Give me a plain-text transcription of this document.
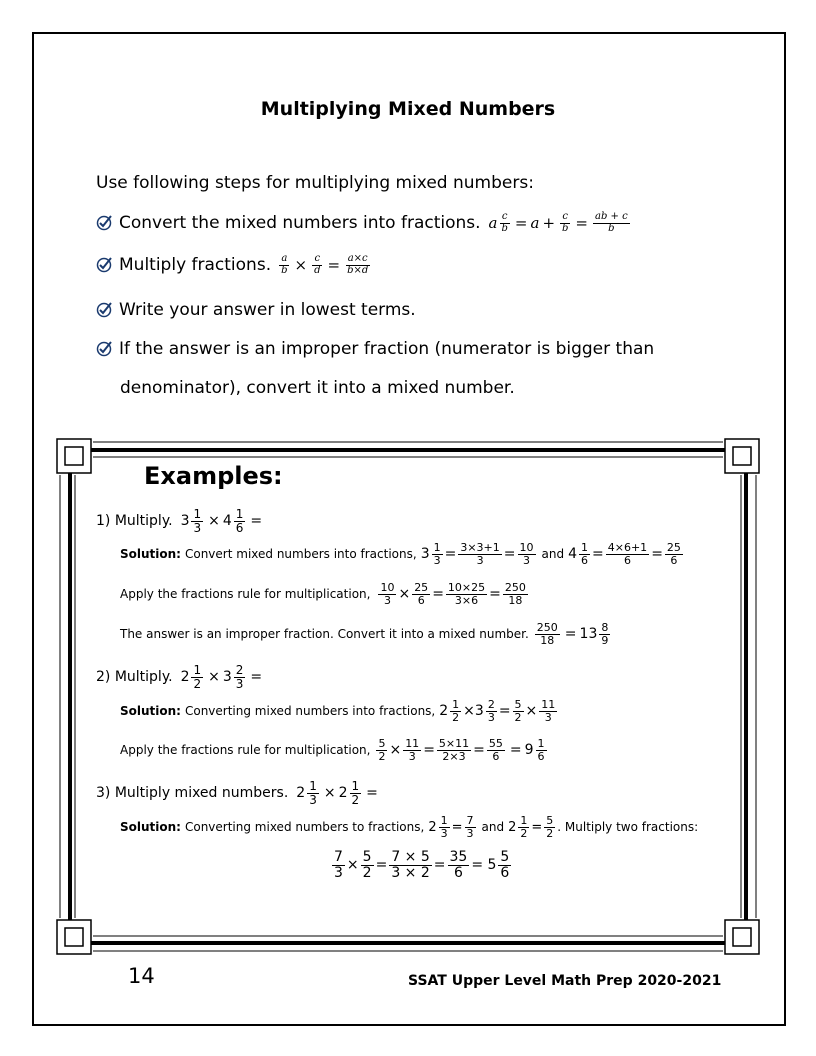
Multiplying Mixed Numbers
Use following steps for multiplying mixed numbers:
Convert the mixed numbers into fractions. a $\frac{c}{b} = a + \frac{c}{b} = \frac{ab + c}{b}$
Multiply fractions. $\frac{a}{b} \times \frac{c}{d} = \frac{a\times c}{b\times d}$
Write your answer in lowest terms.
If the answer is an improper fraction (numerator is bigger than
denominator), convert it into a mixed number.
Examples:
1) Multiply. $3 \frac{1}{3} \times 4 \frac{1}{6}$ =
Solution: Convert mixed numbers into fractions, $3 \frac{1}{3} = \frac{3\times 3+1}{3} = \frac{10}{3}$ and $4 \frac{1}{6} = \frac{4\times 6+1}{6} = \frac{25}{6}$
Apply the fractions rule for multiplication, $\frac{10}{3} \times \frac{25}{6} = \frac{10\times 25}{3\times 6} = \frac{250}{18}$
The answer is an improper fraction. Convert it into a mixed number. $\frac{250}{18} = 13 \frac{8}{9}$
2) Multiply. $2 \frac{1}{2} \times 3 \frac{2}{3}$ =
Solution: Converting mixed numbers into fractions, $2 \frac{1}{2} \times 3 \frac{2}{3} = \frac{5}{2} \times \frac{11}{3}$
Apply the fractions rule for multiplication, $\frac{5}{2} \times \frac{11}{3} = \frac{5\times 11}{2\times 3} = \frac{55}{6} = 9 \frac{1}{6}$
3) Multiply mixed numbers. $2 \frac{1}{3} \times 2 \frac{1}{2}$ =
Solution: Converting mixed numbers to fractions, $2 \frac{1}{3} = \frac{7}{3}$ and $2 \frac{1}{2} = \frac{5}{2}$ . Multiply two fractions:
$\frac{7}{3} \times \frac{5}{2} = \frac{7 \times 5}{3 \times 2} = \frac{35}{6} = 5 \frac{5}{6}$
14	SSAT Upper Level Math Prep 2020-2021
